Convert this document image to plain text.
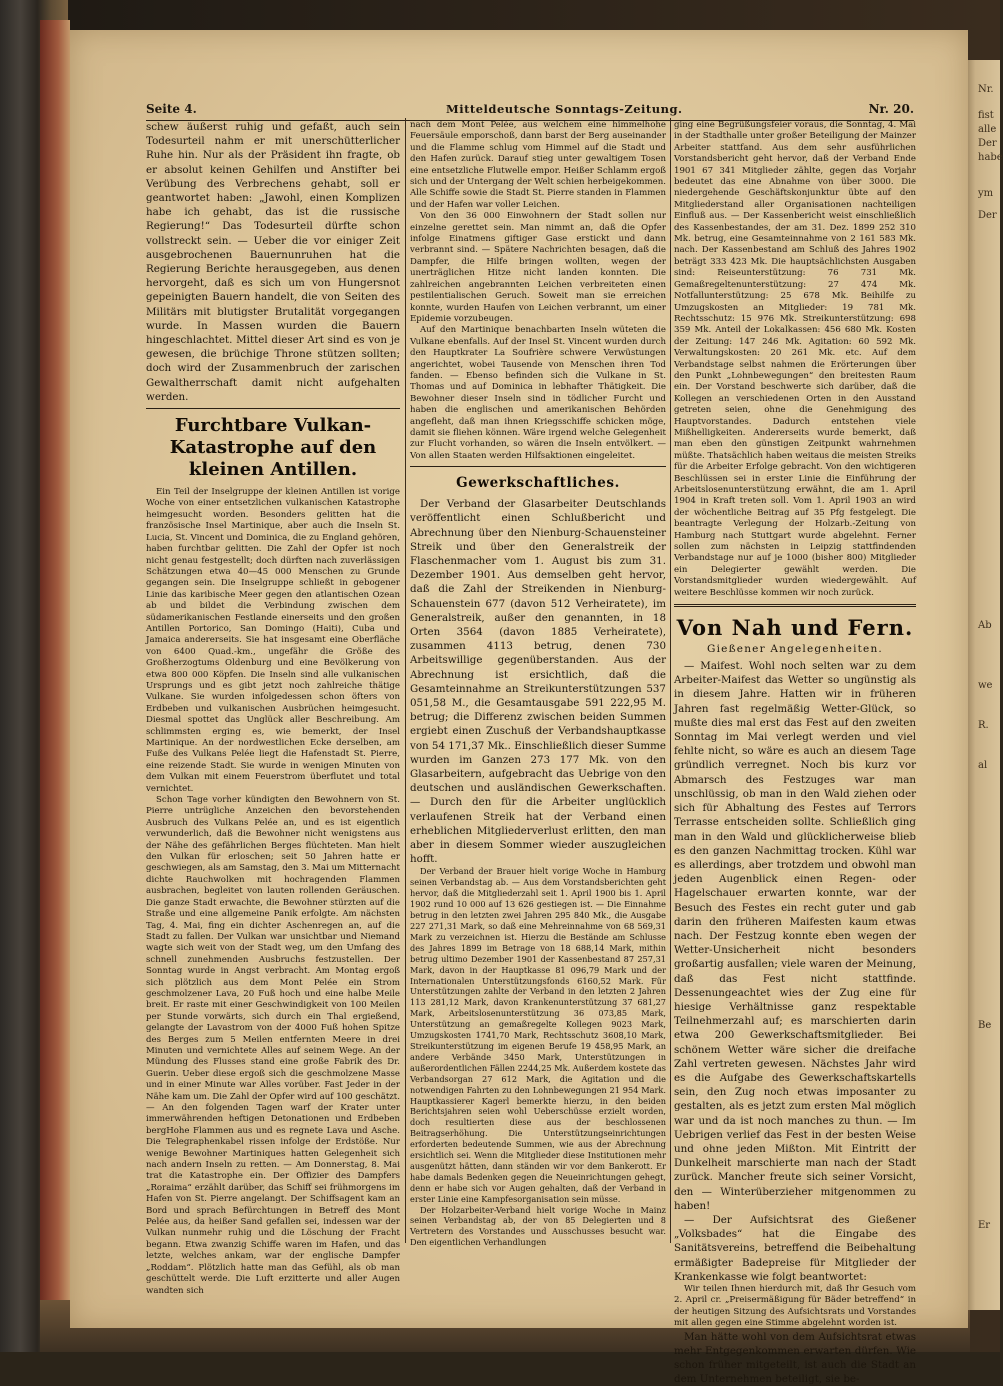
Nr.
fist
alle
Der
habe
ym
Der
Ab
we
R.
al
Be
Er
Seite 4.	Mitteldeutsche Sonntags-Zeitung.	Nr. 20.

schew äußerst ruhig und gefaßt, auch sein Todesurteil nahm er mit unerschütterlicher Ruhe hin. Nur als der Präsident ihn fragte, ob er absolut keinen Gehilfen und Anstifter bei Verübung des Verbrechens gehabt, soll er geantwortet haben: „Jawohl, einen Komplizen habe ich gehabt, das ist die russische Regierung!“ Das Todesurteil dürfte schon vollstreckt sein. — Ueber die vor einiger Zeit ausgebrochenen Bauernunruhen hat die Regierung Berichte herausgegeben, aus denen hervorgeht, daß es sich um von Hungersnot gepeinigten Bauern handelt, die von Seiten des Militärs mit blutigster Brutalität vorgegangen wurde. In Massen wurden die Bauern hingeschlachtet. Mittel dieser Art sind es von je gewesen, die brüchige Throne stützen sollten; doch wird der Zusammenbruch der zarischen Gewaltherrschaft damit nicht aufgehalten werden.

Furchtbare Vulkan-Katastrophe auf den kleinen Antillen.

Ein Teil der Inselgruppe der kleinen Antillen ist vorige Woche von einer entsetzlichen vulkanischen Katastrophe heimgesucht worden. Besonders gelitten hat die französische Insel Martinique, aber auch die Inseln St. Lucia, St. Vincent und Dominica, die zu England gehören, haben furchtbar gelitten. Die Zahl der Opfer ist noch nicht genau festgestellt; doch dürften nach zuverlässigen Schätzungen etwa 40—45 000 Menschen zu Grunde gegangen sein. Die Inselgruppe schließt in gebogener Linie das karibische Meer gegen den atlantischen Ozean ab und bildet die Verbindung zwischen dem südamerikanischen Festlande einerseits und den großen Antillen Portorico, San Domingo (Haiti), Cuba und Jamaica andererseits. Sie hat insgesamt eine Oberfläche von 6400 Quad.-km., ungefähr die Größe des Großherzogtums Oldenburg und eine Bevölkerung von etwa 800 000 Köpfen. Die Inseln sind alle vulkanischen Ursprungs und es gibt jetzt noch zahlreiche thätige Vulkane. Sie wurden infolgedessen schon öfters von Erdbeben und vulkanischen Ausbrüchen heimgesucht. Diesmal spottet das Unglück aller Beschreibung. Am schlimmsten erging es, wie bemerkt, der Insel Martinique. An der nordwestlichen Ecke derselben, am Fuße des Vulkans Pelée liegt die Hafenstadt St. Pierre, eine reizende Stadt. Sie wurde in wenigen Minuten von dem Vulkan mit einem Feuerstrom überflutet und total vernichtet.

Schon Tage vorher kündigten den Bewohnern von St. Pierre untrügliche Anzeichen den bevorstehenden Ausbruch des Vulkans Pelée an, und es ist eigentlich verwunderlich, daß die Bewohner nicht wenigstens aus der Nähe des gefährlichen Berges flüchteten. Man hielt den Vulkan für erloschen; seit 50 Jahren hatte er geschwiegen, als am Samstag, den 3. Mai um Mitternacht dichte Rauchwolken mit hochragenden Flammen ausbrachen, begleitet von lauten rollenden Geräuschen. Die ganze Stadt erwachte, die Bewohner stürzten auf die Straße und eine allgemeine Panik erfolgte. Am nächsten Tag, 4. Mai, fing ein dichter Aschenregen an, auf die Stadt zu fallen. Der Vulkan war unsichtbar und Niemand wagte sich weit von der Stadt weg, um den Umfang des schnell zunehmenden Ausbruchs festzustellen. Der Sonntag wurde in Angst verbracht. Am Montag ergoß sich plötzlich aus dem Mont Pelée ein Strom geschmolzener Lava, 20 Fuß hoch und eine halbe Meile breit. Er raste mit einer Geschwindigkeit von 100 Meilen per Stunde vorwärts, sich durch ein Thal ergießend, gelangte der Lavastrom von der 4000 Fuß hohen Spitze des Berges zum 5 Meilen entfernten Meere in drei Minuten und vernichtete Alles auf seinem Wege. An der Mündung des Flusses stand eine große Fabrik des Dr. Guerin. Ueber diese ergoß sich die geschmolzene Masse und in einer Minute war Alles vorüber. Fast Jeder in der Nähe kam um. Die Zahl der Opfer wird auf 100 geschätzt. — An den folgenden Tagen warf der Krater unter immerwährenden heftigen Detonationen und Erdbeben bergHohe Flammen aus und es regnete Lava und Asche. Die Telegraphenkabel rissen infolge der Erdstöße. Nur wenige Bewohner Martiniques hatten Gelegenheit sich nach andern Inseln zu retten. — Am Donnerstag, 8. Mai trat die Katastrophe ein. Der Offizier des Dampfers „Roraima“ erzählt darüber, das Schiff sei frühmorgens im Hafen von St. Pierre angelangt. Der Schiffsagent kam an Bord und sprach Befürchtungen in Betreff des Mont Pelée aus, da heißer Sand gefallen sei, indessen war der Vulkan nunmehr ruhig und die Löschung der Fracht begann. Etwa zwanzig Schiffe waren im Hafen, und das letzte, welches ankam, war der englische Dampfer „Roddam“. Plötzlich hatte man das Gefühl, als ob man geschüttelt werde. Die Luft erzitterte und aller Augen wandten sich

nach dem Mont Pelée, aus welchem eine himmelhohe Feuersäule emporschoß, dann barst der Berg auseinander und die Flamme schlug vom Himmel auf die Stadt und den Hafen zurück. Darauf stieg unter gewaltigem Tosen eine entsetzliche Flutwelle empor. Heißer Schlamm ergoß sich und der Untergang der Welt schien herbeigekommen. Alle Schiffe sowie die Stadt St. Pierre standen in Flammen und der Hafen war voller Leichen.

Von den 36 000 Einwohnern der Stadt sollen nur einzelne gerettet sein. Man nimmt an, daß die Opfer infolge Einatmens giftiger Gase erstickt und dann verbrannt sind. — Spätere Nachrichten besagen, daß die Dampfer, die Hilfe bringen wollten, wegen der unerträglichen Hitze nicht landen konnten. Die zahlreichen angebrannten Leichen verbreiteten einen pestilentialischen Geruch. Soweit man sie erreichen konnte, wurden Haufen von Leichen verbrannt, um einer Epidemie vorzubeugen.

Auf den Martinique benachbarten Inseln wüteten die Vulkane ebenfalls. Auf der Insel St. Vincent wurden durch den Hauptkrater La Soufrière schwere Verwüstungen angerichtet, wobei Tausende von Menschen ihren Tod fanden. — Ebenso befinden sich die Vulkane in St. Thomas und auf Dominica in lebhafter Thätigkeit. Die Bewohner dieser Inseln sind in tödlicher Furcht und haben die englischen und amerikanischen Behörden angefleht, daß man ihnen Kriegsschiffe schicken möge, damit sie fliehen können. Wäre irgend welche Gelegenheit zur Flucht vorhanden, so wären die Inseln entvölkert. — Von allen Staaten werden Hilfsaktionen eingeleitet.

Gewerkschaftliches.

Der Verband der Glasarbeiter Deutschlands veröffentlicht einen Schlußbericht und Abrechnung über den Nienburg-Schauensteiner Streik und über den Generalstreik der Flaschenmacher vom 1. August bis zum 31. Dezember 1901. Aus demselben geht hervor, daß die Zahl der Streikenden in Nienburg-Schauenstein 677 (davon 512 Verheiratete), im Generalstreik, außer den genannten, in 18 Orten 3564 (davon 1885 Verheiratete), zusammen 4113 betrug, denen 730 Arbeitswillige gegenüberstanden. Aus der Abrechnung ist ersichtlich, daß die Gesamteinnahme an Streikunterstützungen 537 051,58 M., die Gesamtausgabe 591 222,95 M. betrug; die Differenz zwischen beiden Summen ergiebt einen Zuschuß der Verbandshauptkasse von 54 171,37 Mk.. Einschließlich dieser Summe wurden im Ganzen 273 177 Mk. von den Glasarbeitern, aufgebracht das Uebrige von den deutschen und ausländischen Gewerkschaften. — Durch den für die Arbeiter unglücklich verlaufenen Streik hat der Verband einen erheblichen Mitgliederverlust erlitten, den man aber in diesem Sommer wieder auszugleichen hofft.

Der Verband der Brauer hielt vorige Woche in Hamburg seinen Verbandstag ab. — Aus dem Vorstandsberichten geht hervor, daß die Mitgliederzahl seit 1. April 1900 bis 1. April 1902 rund 10 000 auf 13 626 gestiegen ist. — Die Einnahme betrug in den letzten zwei Jahren 295 840 Mk., die Ausgabe 227 271,31 Mark, so daß eine Mehreinnahme von 68 569,31 Mark zu verzeichnen ist. Hierzu die Bestände am Schlusse des Jahres 1899 im Betrage von 18 688,14 Mark, mithin betrug ultimo Dezember 1901 der Kassenbestand 87 257,31 Mark, davon in der Hauptkasse 81 096,79 Mark und der Internationalen Unterstützungsfonds 6160,52 Mark. Für Unterstützungen zahlte der Verband in den letzten 2 Jahren 113 281,12 Mark, davon Krankenunterstützung 37 681,27 Mark, Arbeitslosenunterstützung 36 073,85 Mark, Unterstützung an gemaßregelte Kollegen 9023 Mark, Umzugskosten 1741,70 Mark, Rechtsschutz 3608,10 Mark, Streikunterstützung im eigenen Berufe 19 458,95 Mark, an andere Verbände 3450 Mark, Unterstützungen in außerordentlichen Fällen 2244,25 Mk. Außerdem kostete das Verbandsorgan 27 612 Mark, die Agitation und die notwendigen Fahrten zu den Lohnbewegungen 21 954 Mark. Hauptkassierer Kagerl bemerkte hierzu, in den beiden Berichtsjahren seien wohl Ueberschüsse erzielt worden, doch resultierten diese aus der beschlossenen Beitragserhöhung. Die Unterstützungseinrichtungen erforderten bedeutende Summen, wie aus der Abrechnung ersichtlich sei. Wenn die Mitglieder diese Institutionen mehr ausgenützt hätten, dann ständen wir vor dem Bankerott. Er habe damals Bedenken gegen die Neueinrichtungen gehegt, denn er habe sich vor Augen gehalten, daß der Verband in erster Linie eine Kampfesorganisation sein müsse.

Der Holzarbeiter-Verband hielt vorige Woche in Mainz seinen Verbandstag ab, der von 85 Delegierten und 8 Vertretern des Vorstandes und Ausschusses besucht war. Den eigentlichen Verhandlungen

ging eine Begrüßungsfeier voraus, die Sonntag, 4. Mai in der Stadthalle unter großer Beteiligung der Mainzer Arbeiter stattfand. Aus dem sehr ausführlichen Vorstandsbericht geht hervor, daß der Verband Ende 1901 67 341 Mitglieder zählte, gegen das Vorjahr bedeutet das eine Abnahme von über 3000. Die niedergehende Geschäftskonjunktur übte auf den Mitgliederstand aller Organisationen nachteiligen Einfluß aus. — Der Kassenbericht weist einschließlich des Kassenbestandes, der am 31. Dez. 1899 252 310 Mk. betrug, eine Gesamteinnahme von 2 161 583 Mk. nach. Der Kassenbestand am Schluß des Jahres 1902 beträgt 333 423 Mk. Die hauptsächlichsten Ausgaben sind: Reiseunterstützung: 76 731 Mk. Gemaßregeltenunterstützung: 27 474 Mk. Notfallunterstützung: 25 678 Mk. Beihilfe zu Umzugskosten an Mitglieder: 19 781 Mk. Rechtsschutz: 15 976 Mk. Streikunterstützung: 698 359 Mk. Anteil der Lokalkassen: 456 680 Mk. Kosten der Zeitung: 147 246 Mk. Agitation: 60 592 Mk. Verwaltungskosten: 20 261 Mk. etc. Auf dem Verbandstage selbst nahmen die Erörterungen über den Punkt „Lohnbewegungen“ den breitesten Raum ein. Der Vorstand beschwerte sich darüber, daß die Kollegen an verschiedenen Orten in den Ausstand getreten seien, ohne die Genehmigung des Hauptvorstandes. Dadurch entstehen viele Mißhelligkeiten. Andererseits wurde bemerkt, daß man eben den günstigen Zeitpunkt wahrnehmen müßte. Thatsächlich haben weitaus die meisten Streiks für die Arbeiter Erfolge gebracht. Von den wichtigeren Beschlüssen sei in erster Linie die Einführung der Arbeitslosenunterstützung erwähnt, die am 1. April 1904 in Kraft treten soll. Vom 1. April 1903 an wird der wöchentliche Beitrag auf 35 Pfg festgelegt. Die beantragte Verlegung der Holzarb.-Zeitung von Hamburg nach Stuttgart wurde abgelehnt. Ferner sollen zum nächsten in Leipzig stattfindenden Verbandstage nur auf je 1000 (bisher 800) Mitglieder ein Delegierter gewählt werden. Die Vorstandsmitglieder wurden wiedergewählt. Auf weitere Beschlüsse kommen wir noch zurück.

Von Nah und Fern.
Gießener Angelegenheiten.

— Maifest. Wohl noch selten war zu dem Arbeiter-Maifest das Wetter so ungünstig als in diesem Jahre. Hatten wir in früheren Jahren fast regelmäßig Wetter-Glück, so mußte dies mal erst das Fest auf den zweiten Sonntag im Mai verlegt werden und viel fehlte nicht, so wäre es auch an diesem Tage gründlich verregnet. Noch bis kurz vor Abmarsch des Festzuges war man unschlüssig, ob man in den Wald ziehen oder sich für Abhaltung des Festes auf Terrors Terrasse entscheiden sollte. Schließlich ging man in den Wald und glücklicherweise blieb es den ganzen Nachmittag trocken. Kühl war es allerdings, aber trotzdem und obwohl man jeden Augenblick einen Regen- oder Hagelschauer erwarten konnte, war der Besuch des Festes ein recht guter und gab darin den früheren Maifesten kaum etwas nach. Der Festzug konnte eben wegen der Wetter-Unsicherheit nicht besonders großartig ausfallen; viele waren der Meinung, daß das Fest nicht stattfinde. Dessenungeachtet wies der Zug eine für hiesige Verhältnisse ganz respektable Teilnehmerzahl auf; es marschierten darin etwa 200 Gewerkschaftsmitglieder. Bei schönem Wetter wäre sicher die dreifache Zahl vertreten gewesen. Nächstes Jahr wird es die Aufgabe des Gewerkschaftskartells sein, den Zug noch etwas imposanter zu gestalten, als es jetzt zum ersten Mal möglich war und da ist noch manches zu thun. — Im Uebrigen verlief das Fest in der besten Weise und ohne jeden Mißton. Mit Eintritt der Dunkelheit marschierte man nach der Stadt zurück. Mancher freute sich seiner Vorsicht, den — Winterüberzieher mitgenommen zu haben!

— Der Aufsichtsrat des Gießener „Volksbades“ hat die Eingabe des Sanitätsvereins, betreffend die Beibehaltung ermäßigter Badepreise für Mitglieder der Krankenkasse wie folgt beantwortet:

Wir teilen Ihnen hierdurch mit, daß Ihr Gesuch vom 2. April cr. „Preisermäßigung für Bäder betreffend“ in der heutigen Sitzung des Aufsichtsrats und Vorstandes mit allen gegen eine Stimme abgelehnt worden ist.

Man hätte wohl von dem Aufsichtsrat etwas mehr Entgegenkommen erwarten dürfen. Wie schon früher mitgeteilt, ist auch die Stadt an dem Unternehmen beteiligt, sie be-
